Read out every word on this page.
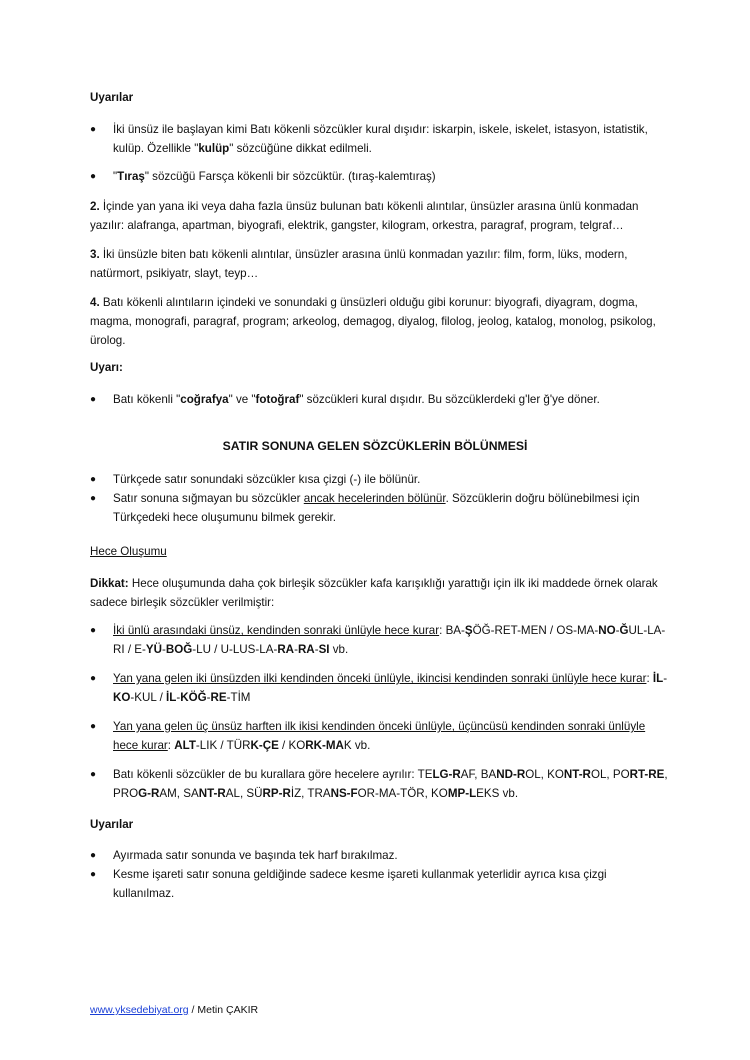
Uyarılar
●	İki ünsüz ile başlayan kimi Batı kökenli sözcükler kural dışıdır: iskarpin, iskele, iskelet, istasyon, istatistik, kulüp. Özellikle "kulüp" sözcüğüne dikkat edilmeli.
●	"Tıraş" sözcüğü Farsça kökenli bir sözcüktür. (tıraş-kalemtıraş)
2. İçinde yan yana iki veya daha fazla ünsüz bulunan batı kökenli alıntılar, ünsüzler arasına ünlü konmadan yazılır: alafranga, apartman, biyografi, elektrik, gangster, kilogram, orkestra, paragraf, program, telgraf…
3. İki ünsüzle biten batı kökenli alıntılar, ünsüzler arasına ünlü konmadan yazılır: film, form, lüks, modern, natürmort, psikiyatr, slayt, teyp…
4. Batı kökenli alıntıların içindeki ve sonundaki g ünsüzleri olduğu gibi korunur: biyografi, diyagram, dogma, magma, monografi, paragraf, program; arkeolog, demagog, diyalog, filolog, jeolog, katalog, monolog, psikolog, ürolog.
Uyarı:
●	Batı kökenli "coğrafya" ve "fotoğraf" sözcükleri kural dışıdır. Bu sözcüklerdeki g'ler ğ'ye döner.
SATIR SONUNA GELEN SÖZCÜKLERİN BÖLÜNMESİ
●	Türkçede satır sonundaki sözcükler kısa çizgi (-) ile bölünür.
●	Satır sonuna sığmayan bu sözcükler ancak hecelerinden bölünür. Sözcüklerin doğru bölünebilmesi için Türkçedeki hece oluşumunu bilmek gerekir.
Hece Oluşumu
Dikkat: Hece oluşumunda daha çok birleşik sözcükler kafa karışıklığı yarattığı için ilk iki maddede örnek olarak sadece birleşik sözcükler verilmiştir:
●	İki ünlü arasındaki ünsüz, kendinden sonraki ünlüyle hece kurar: BA-ŞÖĞ-RET-MEN / OS-MA-NO-ĞUL-LA-RI / E-YÜ-BOĞ-LU / U-LUS-LA-RA-RA-SI vb.
●	Yan yana gelen iki ünsüzden ilki kendinden önceki ünlüyle, ikincisi kendinden sonraki ünlüyle hece kurar: İL-KO-KUL / İL-KÖĞ-RE-TİM
●	Yan yana gelen üç ünsüz harften ilk ikisi kendinden önceki ünlüyle, üçüncüsü kendinden sonraki ünlüyle hece kurar: ALT-LIK / TÜRK-ÇE / KORK-MAK vb.
●	Batı kökenli sözcükler de bu kurallara göre hecelere ayrılır: TELG-RAF, BAND-ROL, KONT-ROL, PORT-RE, PROG-RAM, SANT-RAL, SÜRP-RİZ, TRANS-FOR-MA-TÖR, KOMP-LEKS vb.
Uyarılar
●	Ayırmada satır sonunda ve başında tek harf bırakılmaz.
●	Kesme işareti satır sonuna geldiğinde sadece kesme işareti kullanmak yeterlidir ayrıca kısa çizgi kullanılmaz.
www.yksedebiyat.org / Metin ÇAKIR
